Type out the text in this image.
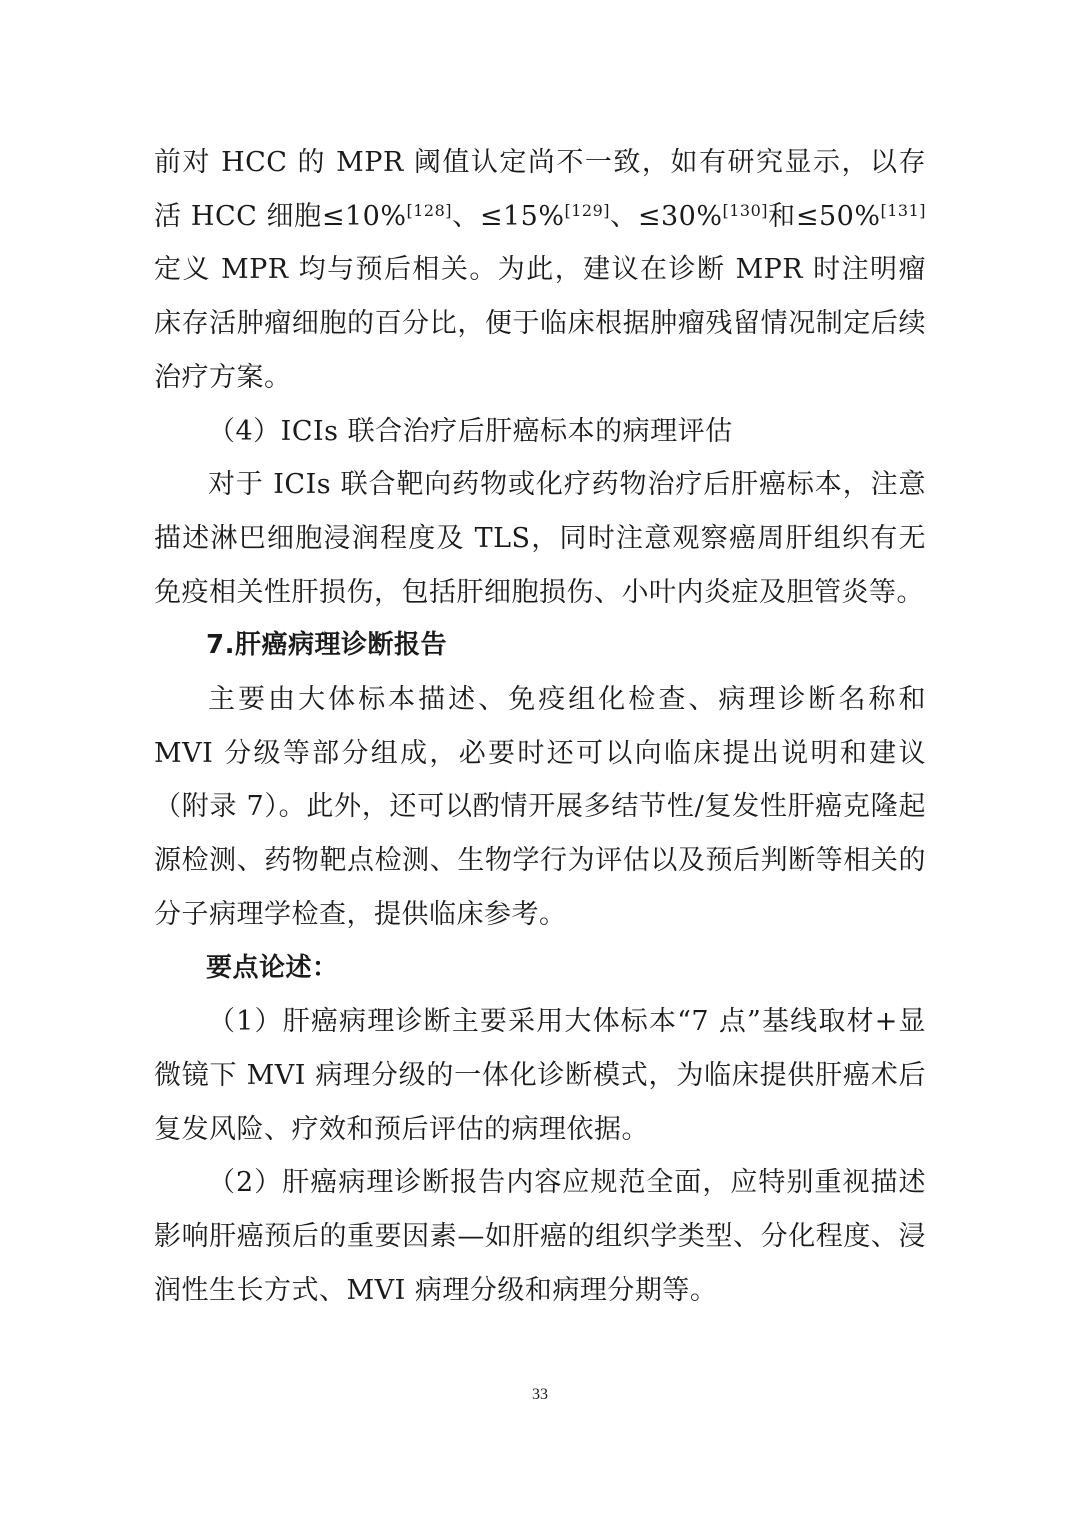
前对 HCC 的 MPR 阈值认定尚不一致，如有研究显示，以存活 HCC 细胞≤10%[128]、≤15%[129]、≤30%[130]和≤50%[131]定义 MPR 均与预后相关。为此，建议在诊断 MPR 时注明瘤床存活肿瘤细胞的百分比，便于临床根据肿瘤残留情况制定后续治疗方案。

（4）ICIs 联合治疗后肝癌标本的病理评估

对于 ICIs 联合靶向药物或化疗药物治疗后肝癌标本，注意描述淋巴细胞浸润程度及 TLS，同时注意观察癌周肝组织有无免疫相关性肝损伤，包括肝细胞损伤、小叶内炎症及胆管炎等。

7.肝癌病理诊断报告

主要由大体标本描述、免疫组化检查、病理诊断名称和 MVI 分级等部分组成，必要时还可以向临床提出说明和建议（附录 7）。此外，还可以酌情开展多结节性/复发性肝癌克隆起源检测、药物靶点检测、生物学行为评估以及预后判断等相关的分子病理学检查，提供临床参考。

要点论述：

（1）肝癌病理诊断主要采用大体标本“7 点”基线取材+显微镜下 MVI 病理分级的一体化诊断模式，为临床提供肝癌术后复发风险、疗效和预后评估的病理依据。

（2）肝癌病理诊断报告内容应规范全面，应特别重视描述影响肝癌预后的重要因素—如肝癌的组织学类型、分化程度、浸润性生长方式、MVI 病理分级和病理分期等。

33
